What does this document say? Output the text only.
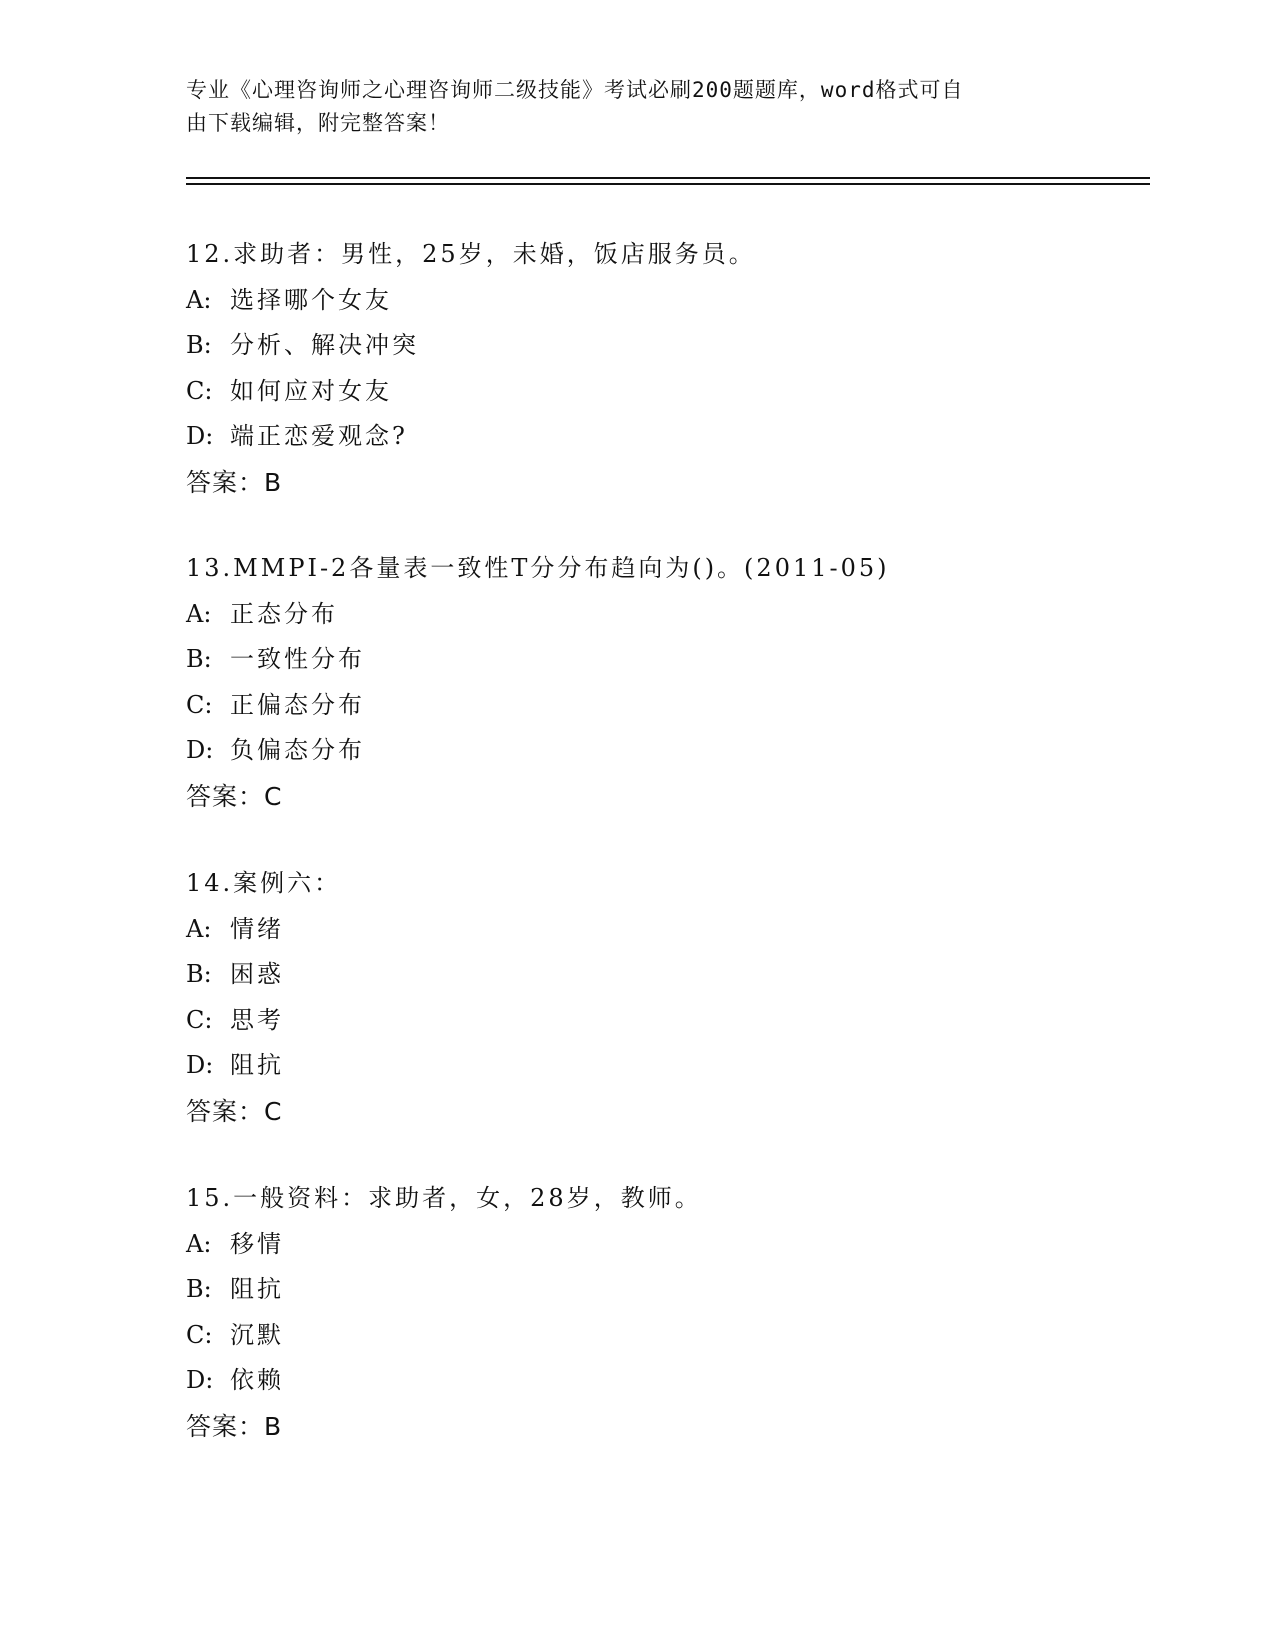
专业《心理咨询师之心理咨询师二级技能》考试必刷200题题库，word格式可自
由下载编辑，附完整答案！
12.求助者：男性，25岁，未婚，饭店服务员。
A: 选择哪个女友
B: 分析、解决冲突
C: 如何应对女友
D: 端正恋爱观念?
答案：B
13.MMPI-2各量表一致性T分分布趋向为()。(2011-05)
A: 正态分布
B: 一致性分布
C: 正偏态分布
D: 负偏态分布
答案：C
14.案例六：
A: 情绪
B: 困惑
C: 思考
D: 阻抗
答案：C
15.一般资料：求助者，女，28岁，教师。
A: 移情
B: 阻抗
C: 沉默
D: 依赖
答案：B
